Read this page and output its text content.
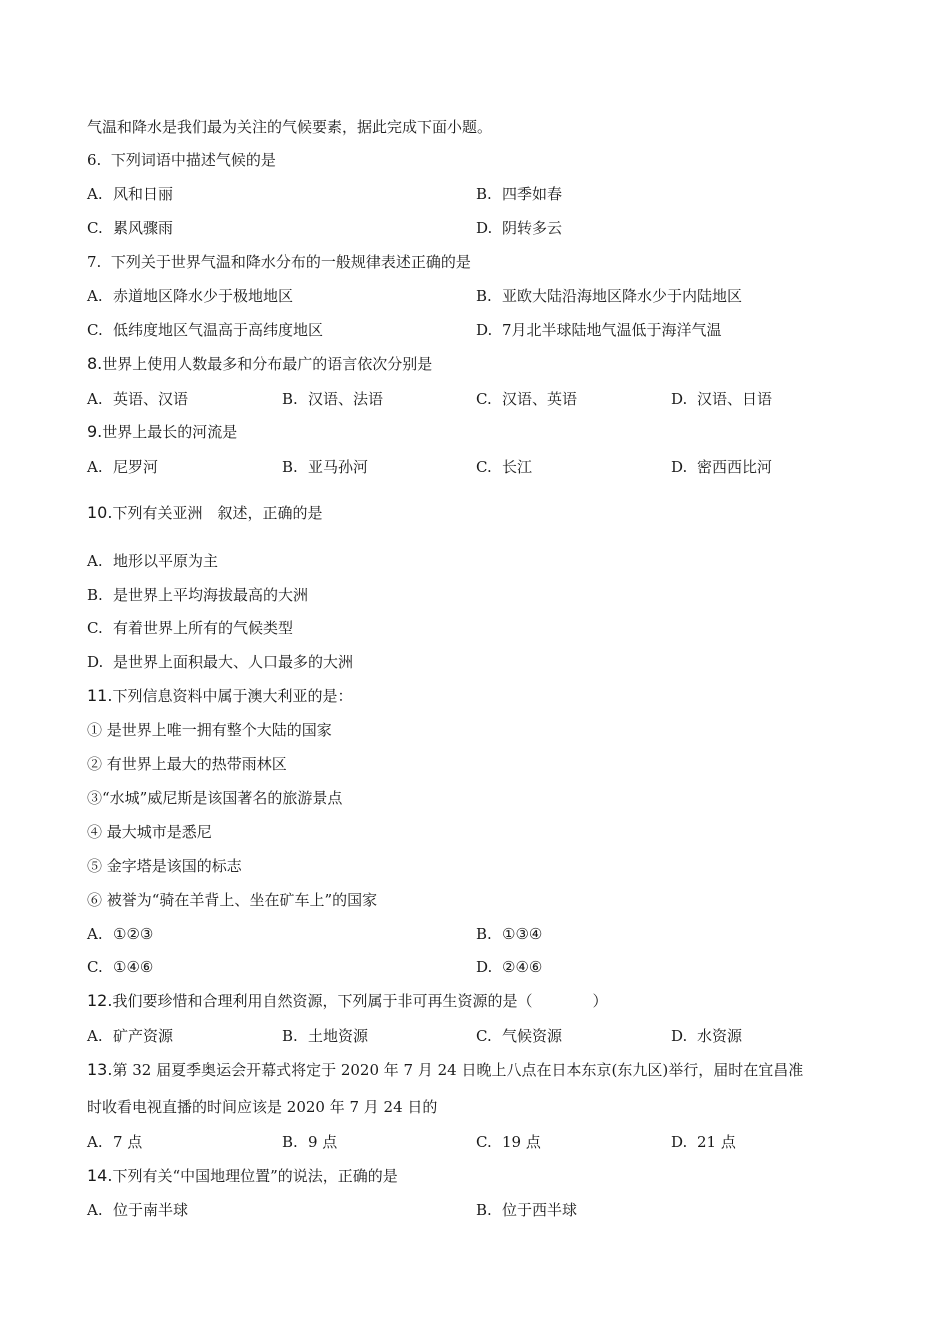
气温和降水是我们最为关注的气候要素，据此完成下面小题。
6. 下列词语中描述气候的是
A. 风和日丽	B. 四季如春
C. 累风骤雨	D. 阴转多云
7. 下列关于世界气温和降水分布的一般规律表述正确的是
A. 赤道地区降水少于极地地区	B. 亚欧大陆沿海地区降水少于内陆地区
C. 低纬度地区气温高于高纬度地区	D. 7月北半球陆地气温低于海洋气温
8.世界上使用人数最多和分布最广的语言依次分别是
A. 英语、汉语	B. 汉语、法语	C. 汉语、英语	D. 汉语、日语
9.世界上最长的河流是
A. 尼罗河	B. 亚马孙河	C. 长江	D. 密西西比河
10.下列有关亚洲　叙述，正确的是
A. 地形以平原为主
B. 是世界上平均海拔最高的大洲
C. 有着世界上所有的气候类型
D. 是世界上面积最大、人口最多的大洲
11.下列信息资料中属于澳大利亚的是：
① 是世界上唯一拥有整个大陆的国家
② 有世界上最大的热带雨林区
③“水城”威尼斯是该国著名的旅游景点
④ 最大城市是悉尼
⑤ 金字塔是该国的标志
⑥ 被誉为“骑在羊背上、坐在矿车上”的国家
A. ①②③	B. ①③④
C. ①④⑥	D. ②④⑥
12.我们要珍惜和合理利用自然资源，下列属于非可再生资源的是（　　　　）
A. 矿产资源	B. 土地资源	C. 气候资源	D. 水资源
13.第 32 届夏季奥运会开幕式将定于 2020 年 7 月 24 日晚上八点在日本东京(东九区)举行，届时在宜昌准
时收看电视直播的时间应该是 2020 年 7 月 24 日的
A. 7 点	B. 9 点	C. 19 点	D. 21 点
14.下列有关“中国地理位置”的说法，正确的是
A. 位于南半球	B. 位于西半球
